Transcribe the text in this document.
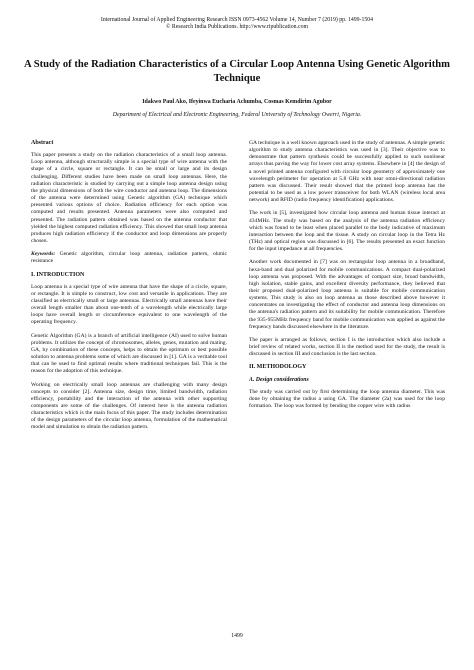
International Journal of Applied Engineering Research ISSN 0973-4562 Volume 14, Number 7 (2019) pp. 1499-1504
© Research India Publications. http://www.ripublication.com
A Study of the Radiation Characteristics of a Circular Loop Antenna Using Genetic Algorithm Technique
Idakwo Paul Ako, Ifeyinwa Eucharia Achumba, Cosmas Kemdirim Agubor
Department of Electrical and Electronic Engineering, Federal University of Technology Owerri, Nigeria.
Abstract

This paper presents a study on the radiation characteristics of a small loop antenna. Loop antenna, although structurally simple is a special type of wire antenna with the shape of a circle, square or rectangle. It can be small or large and its design challenging. Different studies have been made on small loop antennas. Here, the radiation characteristic is studied by carrying out a simple loop antenna design using the physical dimensions of both the wire conductor and antenna loop. The dimensions of the antenna were determined using Genetic algorithm (GA) technique which presented various options of choice. Radiation efficiency for each option was computed and results presented. Antenna parameters were also computed and presented. The radiation pattern obtained was based on the antenna conductor that yielded the highest computed radiation efficiency. This showed that small loop antenna produces high radiation efficiency if the conductor and loop dimensions are properly chosen.

Keywords: Genetic algorithm, circular loop antenna, radiation pattern, ohmic resistance

I. INTRODUCTION

Loop antenna is a special type of wire antenna that have the shape of a circle, square, or rectangle. It is simple to construct, low cost and versatile in applications. They are classified as electrically small or large antennas. Electrically small antennas have their overall length smaller than about one-tenth of a wavelength while electrically large loops have overall length or circumference equivalent to one wavelength of the operating frequency.

Genetic Algorithm (GA) is a branch of artificial intelligence (AI) used to solve human problems. It utilizes the concept of chromosomes, alleles, genes, mutation and mating. GA, by combination of these concepts, helps to obtain the optimum or best possible solution to antenna problems some of which are discussed in [1]. GA is a veritable tool that can be used to find optimal results where traditional techniques fail. This is the reason for the adoption of this technique.

Working on electrically small loop antennas are challenging with many design concepts to consider [2]. Antenna size, design time, limited bandwidth, radiation efficiency, portability and the interaction of the antenna with other supporting components are some of the challenges. Of interest here is the antenna radiation characteristics which is the main focus of this paper. The study includes determination of the design parameters of the circular loop antenna, formulation of the mathematical model and simulation to obtain the radiation pattern.

GA technique is a well known approach used in the study of antennas. A simple genetic algorithm to study antenna characteristics was used in [3]. Their objective was to demonstrate that pattern synthesis could be successfully applied to such nonlinear arrays thus paving the way for lower cost array systems. Elsewhere in [4] the design of a novel printed antenna configured with circular loop geometry of approximately one wavelength perimeter for operation at 5.8 GHz with near omni-directional radiation pattern was discussed. Their result showed that the printed loop antenna has the potential to be used as a low power transceiver for both WLAN (wireless local area network) and RFID (radio frequency identification) applications.

The work in [5], investigated how circular loop antenna and human tissue interact at 434MHz. The study was based on the analysis of the antenna radiation efficiency which was found to be least when placed parallel to the body indicative of maximum interaction between the loop and the tissue. A study on circular loop in the Tetra Hz (THz) and optical region was discussed in [6]. The results presented an exact function for the input impedance at all frequencies.

Another work documented in [7] was on rectangular loop antenna in a broadband, hexa-band and dual polarized for mobile communications. A compact dual-polarized loop antenna was proposed. With the advantages of compact size, broad bandwidth, high isolation, stable gains, and excellent diversity performance, they believed that their proposed dual-polarized loop antenna is suitable for mobile communication systems. This study is also on loop antenna as those described above however it concentrates on investigating the effect of conductor and antenna loop dimensions on the antenna's radiation pattern and its suitability for mobile communication. Therefore the 935-955MHz frequency band for mobile communication was applied as against the frequency bands discussed elsewhere in the literature.

The paper is arranged as follows, section I is the introduction which also include a brief review of related works, section II is the method used for the study, the result is discussed in section III and conclusion is the last section.

II. METHODOLOGY
A. Design considerations

The study was carried out by first determining the loop antenna diameter. This was done by obtaining the radius a using GA. The diameter (2a) was used for the loop formation. The loop was formed by bending the copper wire with radius

1499
